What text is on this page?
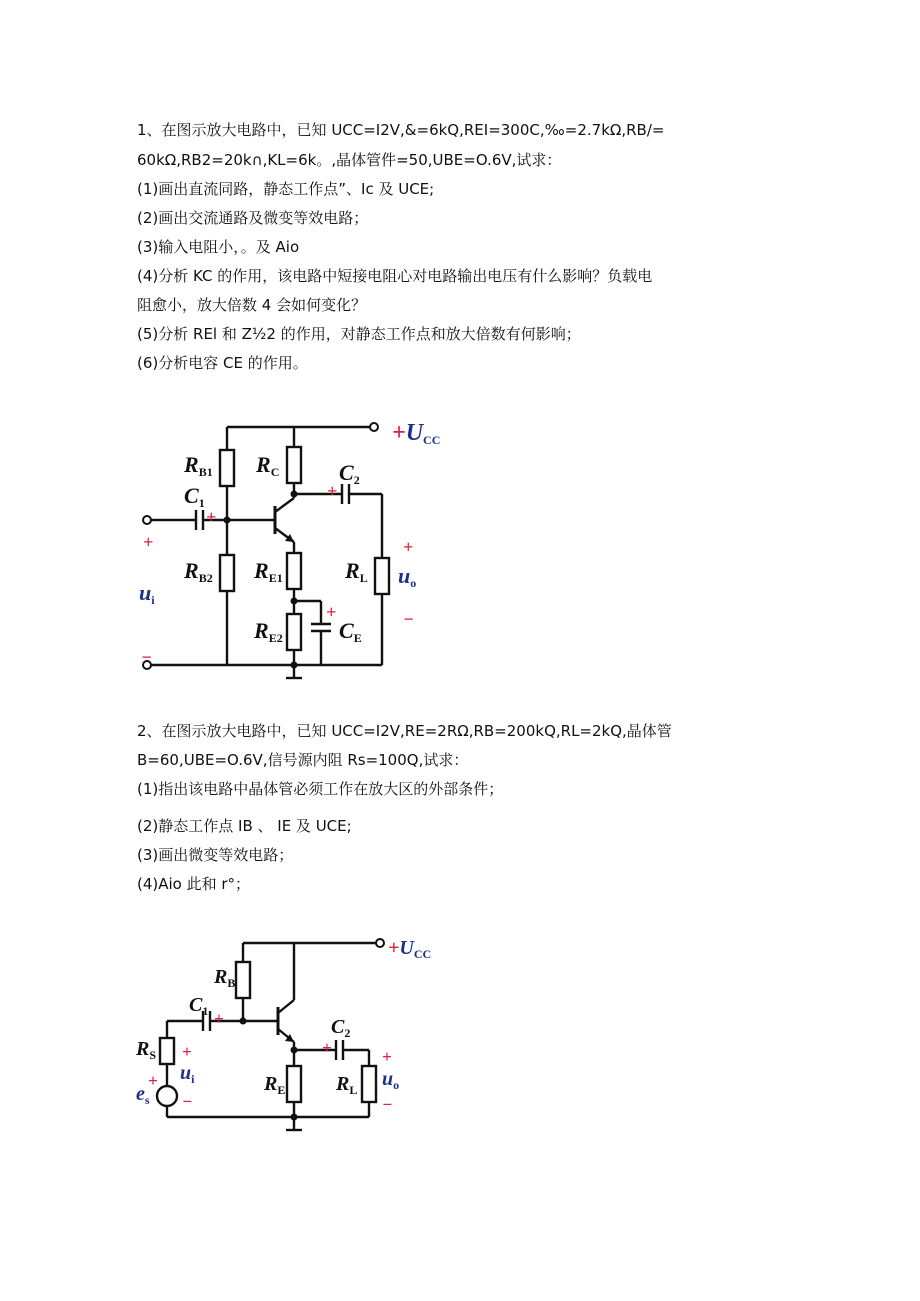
1、在图示放大电路中，已知 UCC=I2V,&=6kQ,REI=300C,‰=2.7kΩ,RB/=
60kΩ,RB2=20k∩,KL=6k。,晶体管件=50,UBE=O.6V,试求：
(1)画出直流同路，静态工作点”、Ic 及 UCE;
(2)画出交流通路及微变等效电路；
(3)输入电阻小，。及 Aio
(4)分析 KC 的作用，该电路中短接电阻心对电路输出电压有什么影响？负载电
阻愈小，放大倍数 4 会如何变化？
(5)分析 REl 和 Z½2 的作用，对静态工作点和放大倍数有何影响；
(6)分析电容 CE 的作用。
+UCC
RB1 RC	C2
C1
+
+
+	+
RB2 RE1	RL uo
ui
+	−
RE2	CE
−
2、在图示放大电路中，已知 UCC=I2V,RE=2RΩ,RB=200kQ,RL=2kQ,晶体管
B=60,UBE=O.6V,信号源内阻 Rs=100Q,试求：
(1)指出该电路中晶体管必须工作在放大区的外部条件；
(2)静态工作点 IB 、 IE 及 UCE;
(3)画出微变等效电路；
(4)Aio 此和 r°；
$+U_{CC}$
$R_B$
$C_1$ +	$C_2$
+
$R_S$ +	+
$u_i$	$u_o$
+	$R_E$	$R_L$
$e_s$ −	−
